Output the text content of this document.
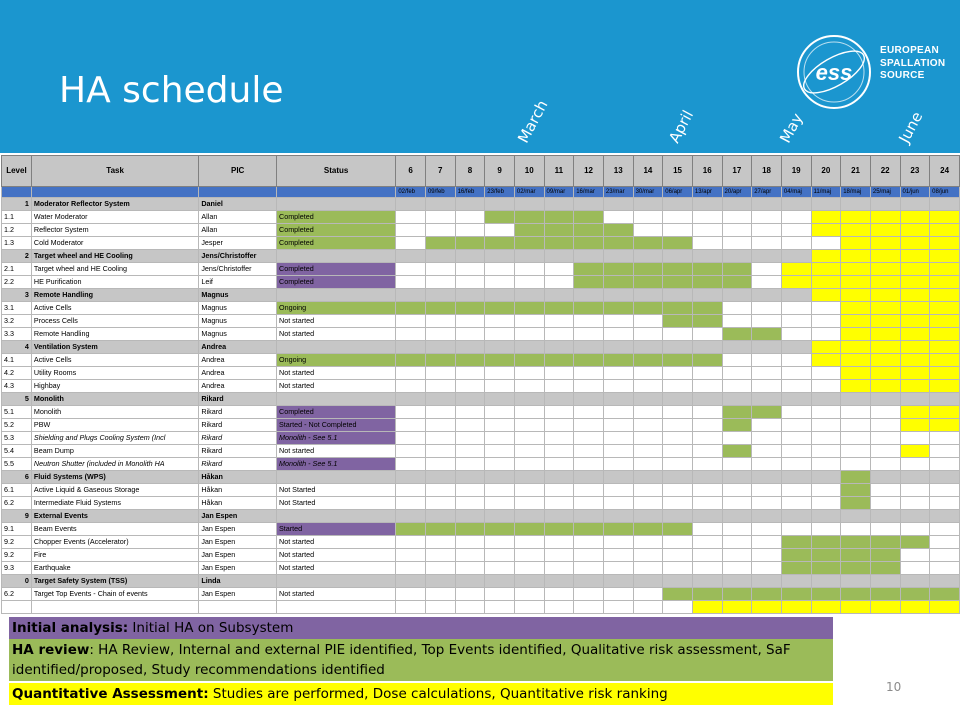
HA schedule	ess
EUROPEAN
SPALLATION
SOURCE
March	April	May	June
Level	Task	PIC	Status	6	7	8	9	10	11	12	13	14	15	16	17	18	19	20	21	22	23	24
				02/feb	09/feb	16/feb	23/feb	02/mar	09/mar	16/mar	23/mar	30/mar	06/apr	13/apr	20/apr	27/apr	04/maj	11/maj	18/maj	25/maj	01/jun	08/jun
1	Moderator Reflector System	Daniel																				
1.1	Water Moderator	Allan	Completed																			
1.2	Reflector System	Allan	Completed																			
1.3	Cold Moderator	Jesper	Completed																			
2	Target wheel and HE Cooling	Jens/Christoffer																				
2.1	Target wheel and HE Cooling	Jens/Christoffer	Completed																			
2.2	HE Purification	Leif	Completed																			
3	Remote Handling	Magnus																				
3.1	Active Cells	Magnus	Ongoing																			
3.2	Process Cells	Magnus	Not started																			
3.3	Remote Handling	Magnus	Not started																			
4	Ventilation System	Andrea																				
4.1	Active Cells	Andrea	Ongoing																			
4.2	Utility Rooms	Andrea	Not started																			
4.3	Highbay	Andrea	Not started																			
5	Monolith	Rikard																				
5.1	Monolith	Rikard	Completed																			
5.2	PBW	Rikard	Started - Not Completed																			
5.3	Shielding and Plugs Cooling System (Incl	Rikard	Monolith - See 5.1																			
5.4	Beam Dump	Rikard	Not started																			
5.5	Neutron Shutter (included in Monolith HA	Rikard	Monolith - See 5.1																			
6	Fluid Systems (WPS)	Håkan																				
6.1	Active Liquid & Gaseous Storage	Håkan	Not Started																			
6.2	Intermediate Fluid Systems	Håkan	Not Started																			
9	External Events	Jan Espen																				
9.1	Beam Events	Jan Espen	Started																			
9.2	Chopper Events (Accelerator)	Jan Espen	Not started																			
9.2	Fire	Jan Espen	Not started																			
9.3	Earthquake	Jan Espen	Not started																			
0	Target Safety System (TSS)	Linda																				
6.2	Target Top Events - Chain of events	Jan Espen	Not started																			

Initial analysis: Initial HA on Subsystem
HA review: HA Review, Internal and external PIE identified, Top Events identified, Qualitative risk assessment, SaF identified/proposed, Study recommendations identified
Quantitative Assessment: Studies are performed, Dose calculations, Quantitative risk ranking	10
